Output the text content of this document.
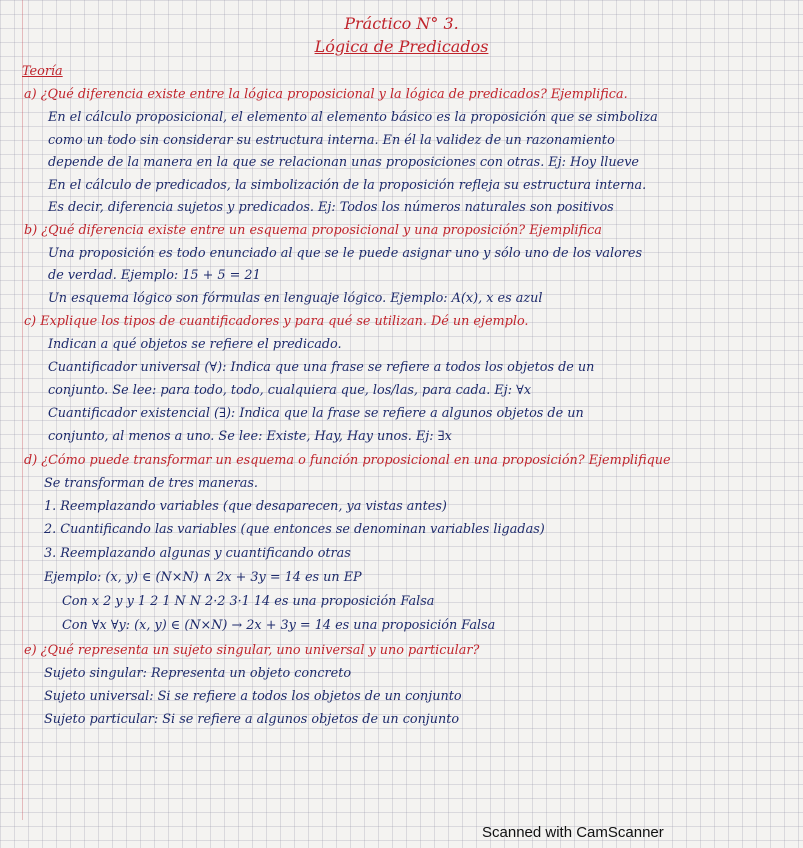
Práctico N° 3.
Lógica de Predicados
Teoría
a) ¿Qué diferencia existe entre la lógica proposicional y la lógica de predicados? Ejemplifica.
En el cálculo proposicional, el elemento al elemento básico es la proposición que se simboliza
como un todo sin considerar su estructura interna. En él la validez de un razonamiento
depende de la manera en la que se relacionan unas proposiciones con otras. Ej: Hoy llueve
En el cálculo de predicados, la simbolización de la proposición refleja su estructura interna.
Es decir, diferencia sujetos y predicados. Ej: Todos los números naturales son positivos
b) ¿Qué diferencia existe entre un esquema proposicional y una proposición? Ejemplifica
Una proposición es todo enunciado al que se le puede asignar uno y sólo uno de los valores
de verdad. Ejemplo: 15 + 5 = 21
Un esquema lógico son fórmulas en lenguaje lógico. Ejemplo: A(x), x es azul
c) Explique los tipos de cuantificadores y para qué se utilizan. Dé un ejemplo.
Indican a qué objetos se refiere el predicado.
Cuantificador universal (∀): Indica que una frase se refiere a todos los objetos de un
conjunto. Se lee: para todo, todo, cualquiera que, los/las, para cada. Ej: ∀x
Cuantificador existencial (∃): Indica que la frase se refiere a algunos objetos de un
conjunto, al menos a uno. Se lee: Existe, Hay, Hay unos. Ej: ∃x
d) ¿Cómo puede transformar un esquema o función proposicional en una proposición? Ejemplifique
Se transforman de tres maneras.
1. Reemplazando variables (que desaparecen, ya vistas antes)
2. Cuantificando las variables (que entonces se denominan variables ligadas)
3. Reemplazando algunas y cuantificando otras
Ejemplo: (x, y) ∈ (N×N) ∧ 2x + 3y = 14 es un EP
Con x 2 y y 1 2 1 N N 2·2 3·1 14 es una proposición Falsa
Con ∀x ∀y: (x, y) ∈ (N×N) → 2x + 3y = 14 es una proposición Falsa
e) ¿Qué representa un sujeto singular, uno universal y uno particular?
Sujeto singular: Representa un objeto concreto
Sujeto universal: Si se refiere a todos los objetos de un conjunto
Sujeto particular: Si se refiere a algunos objetos de un conjunto
Scanned with CamScanner
